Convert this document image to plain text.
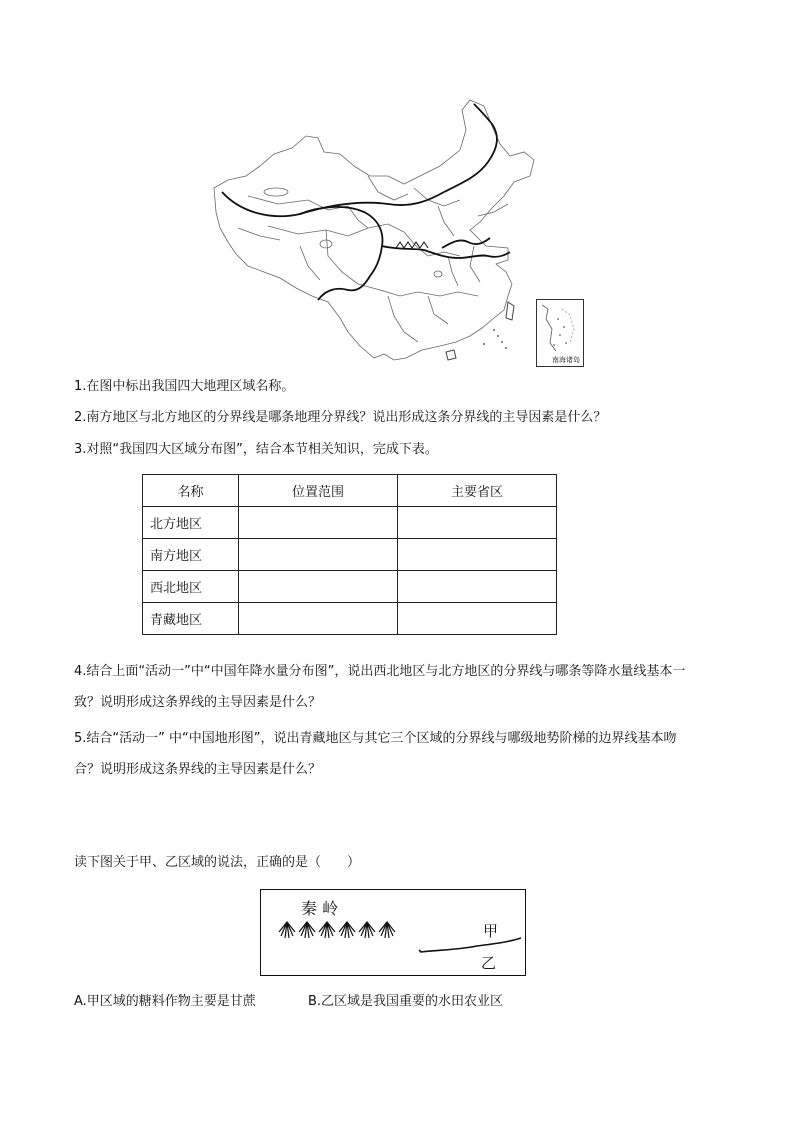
南海诸岛
1.在图中标出我国四大地理区域名称。
2.南方地区与北方地区的分界线是哪条地理分界线？说出形成这条分界线的主导因素是什么？
3.对照“我国四大区域分布图”，结合本节相关知识，完成下表。
名称	位置范围	主要省区
北方地区		
南方地区		
西北地区		
青藏地区		
4.结合上面“活动一”中“中国年降水量分布图”，说出西北地区与北方地区的分界线与哪条等降水量线基本一
致？说明形成这条界线的主导因素是什么？
5.结合“活动一” 中“中国地形图”，说出青藏地区与其它三个区域的分界线与哪级地势阶梯的边界线基本吻
合？说明形成这条界线的主导因素是什么？
读下图关于甲、乙区域的说法，正确的是（　　）
秦 岭
甲
乙
A.甲区域的糖料作物主要是甘蔗	B.乙区域是我国重要的水田农业区
